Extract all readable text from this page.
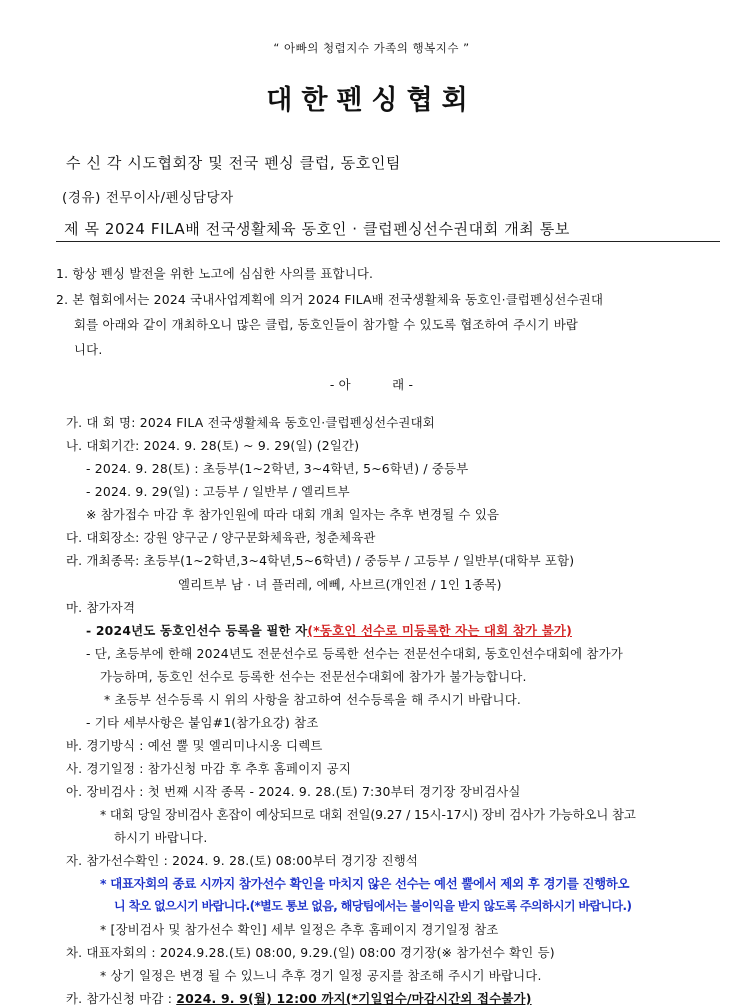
“ 아빠의 청렴지수 가족의 행복지수 ”
대한펜싱협회
수 신 각 시도협회장 및 전국 펜싱 클럽, 동호인팀
(경유) 전무이사/펜싱담당자
제 목 2024 FILA배 전국생활체육 동호인 · 클럽펜싱선수권대회 개최 통보
1. 항상 펜싱 발전을 위한 노고에 심심한 사의를 표합니다.
2. 본 협회에서는 2024 국내사업계획에 의거 2024 FILA배 전국생활체육 동호인·클럽펜싱선수권대
회를 아래와 같이 개최하오니 많은 클럽, 동호인들이 참가할 수 있도록 협조하여 주시기 바랍
니다.
- 아          래 -
가. 대 회 명: 2024 FILA 전국생활체육 동호인·클럽펜싱선수권대회
나. 대회기간: 2024. 9. 28(토) ~ 9. 29(일) (2일간)
- 2024. 9. 28(토) : 초등부(1~2학년, 3~4학년, 5~6학년) / 중등부
- 2024. 9. 29(일) : 고등부 / 일반부 / 엘리트부
※ 참가접수 마감 후 참가인원에 따라 대회 개최 일자는 추후 변경될 수 있음
다. 대회장소: 강원 양구군 / 양구문화체육관, 청춘체육관
라. 개최종목: 초등부(1~2학년,3~4학년,5~6학년) / 중등부 / 고등부 / 일반부(대학부 포함)
엘리트부 남 · 녀 플러레, 에뻬, 사브르(개인전 / 1인 1종목)
마. 참가자격
- 2024년도 동호인선수 등록을 필한 자(*동호인 선수로 미등록한 자는 대회 참가 불가)
- 단, 초등부에 한해 2024년도 전문선수로 등록한 선수는 전문선수대회, 동호인선수대회에 참가가
가능하며, 동호인 선수로 등록한 선수는 전문선수대회에 참가가 불가능합니다.
* 초등부 선수등록 시 위의 사항을 참고하여 선수등록을 해 주시기 바랍니다.
- 기타 세부사항은 붙임#1(참가요강) 참조
바. 경기방식 : 예선 뿔 및 엘리미나시옹 디렉트
사. 경기일정 : 참가신청 마감 후 추후 홈페이지 공지
아. 장비검사 : 첫 번째 시작 종목 - 2024. 9. 28.(토) 7:30부터 경기장 장비검사실
* 대회 당일 장비검사 혼잡이 예상되므로 대회 전일(9.27 / 15시-17시) 장비 검사가 가능하오니 참고
하시기 바랍니다.
자. 참가선수확인 : 2024. 9. 28.(토) 08:00부터 경기장 진행석
* 대표자회의 종료 시까지 참가선수 확인을 마치지 않은 선수는 예선 뿔에서 제외 후 경기를 진행하오
니 착오 없으시기 바랍니다.(*별도 통보 없음, 해당팀에서는 불이익을 받지 않도록 주의하시기 바랍니다.)
* [장비검사 및 참가선수 확인] 세부 일정은 추후 홈페이지 경기일정 참조
차. 대표자회의 : 2024.9.28.(토) 08:00, 9.29.(일) 08:00 경기장(※ 참가선수 확인 등)
* 상기 일정은 변경 될 수 있느니 추후 경기 일정 공지를 참조해 주시기 바랍니다.
카. 참가신청 마감 : 2024. 9. 9(월) 12:00 까지(*기일엄수/마감시간외 접수불가)
